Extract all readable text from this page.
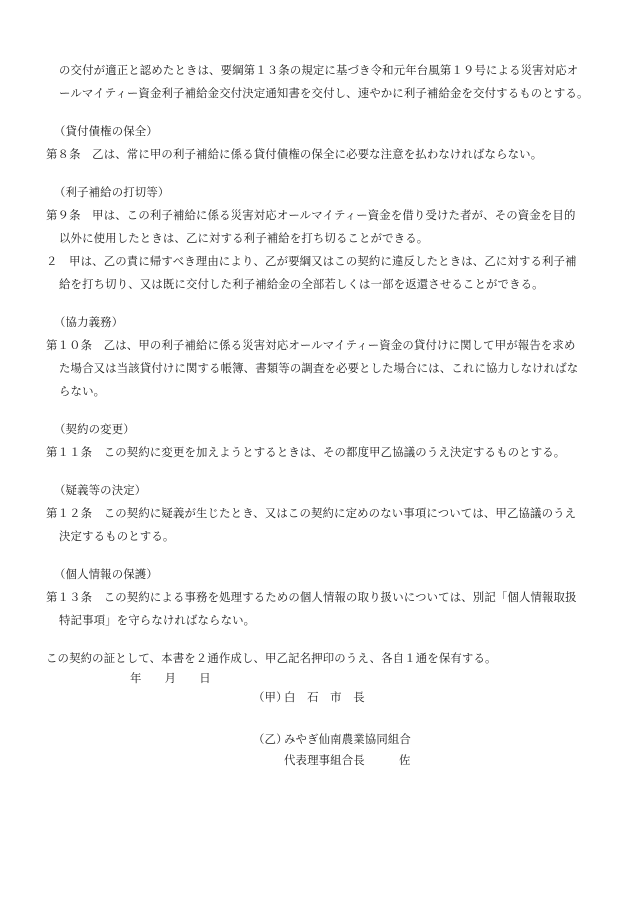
の交付が適正と認めたときは、要綱第１３条の規定に基づき令和元年台風第１９号による災害対応オ
ールマイティー資金利子補給金交付決定通知書を交付し、速やかに利子補給金を交付するものとする。
（貸付債権の保全）
第８条　乙は、常に甲の利子補給に係る貸付債権の保全に必要な注意を払わなければならない。
（利子補給の打切等）
第９条　甲は、この利子補給に係る災害対応オールマイティー資金を借り受けた者が、その資金を目的
以外に使用したときは、乙に対する利子補給を打ち切ることができる。
２　甲は、乙の責に帰すべき理由により、乙が要綱又はこの契約に違反したときは、乙に対する利子補
給を打ち切り、又は既に交付した利子補給金の全部若しくは一部を返還させることができる。
（協力義務）
第１０条　乙は、甲の利子補給に係る災害対応オールマイティー資金の貸付けに関して甲が報告を求め
た場合又は当該貸付けに関する帳簿、書類等の調査を必要とした場合には、これに協力しなければな
らない。
（契約の変更）
第１１条　この契約に変更を加えようとするときは、その都度甲乙協議のうえ決定するものとする。
（疑義等の決定）
第１２条　この契約に疑義が生じたとき、又はこの契約に定めのない事項については、甲乙協議のうえ
決定するものとする。
（個人情報の保護）
第１３条　この契約による事務を処理するための個人情報の取り扱いについては、別記「個人情報取扱
特記事項」を守らなければならない。
この契約の証として、本書を２通作成し、甲乙記名押印のうえ、各自１通を保有する。
年　　月　　日
（甲）
白　石　市　長
（乙）
みやぎ仙南農業協同組合
代表理事組合長	佐
